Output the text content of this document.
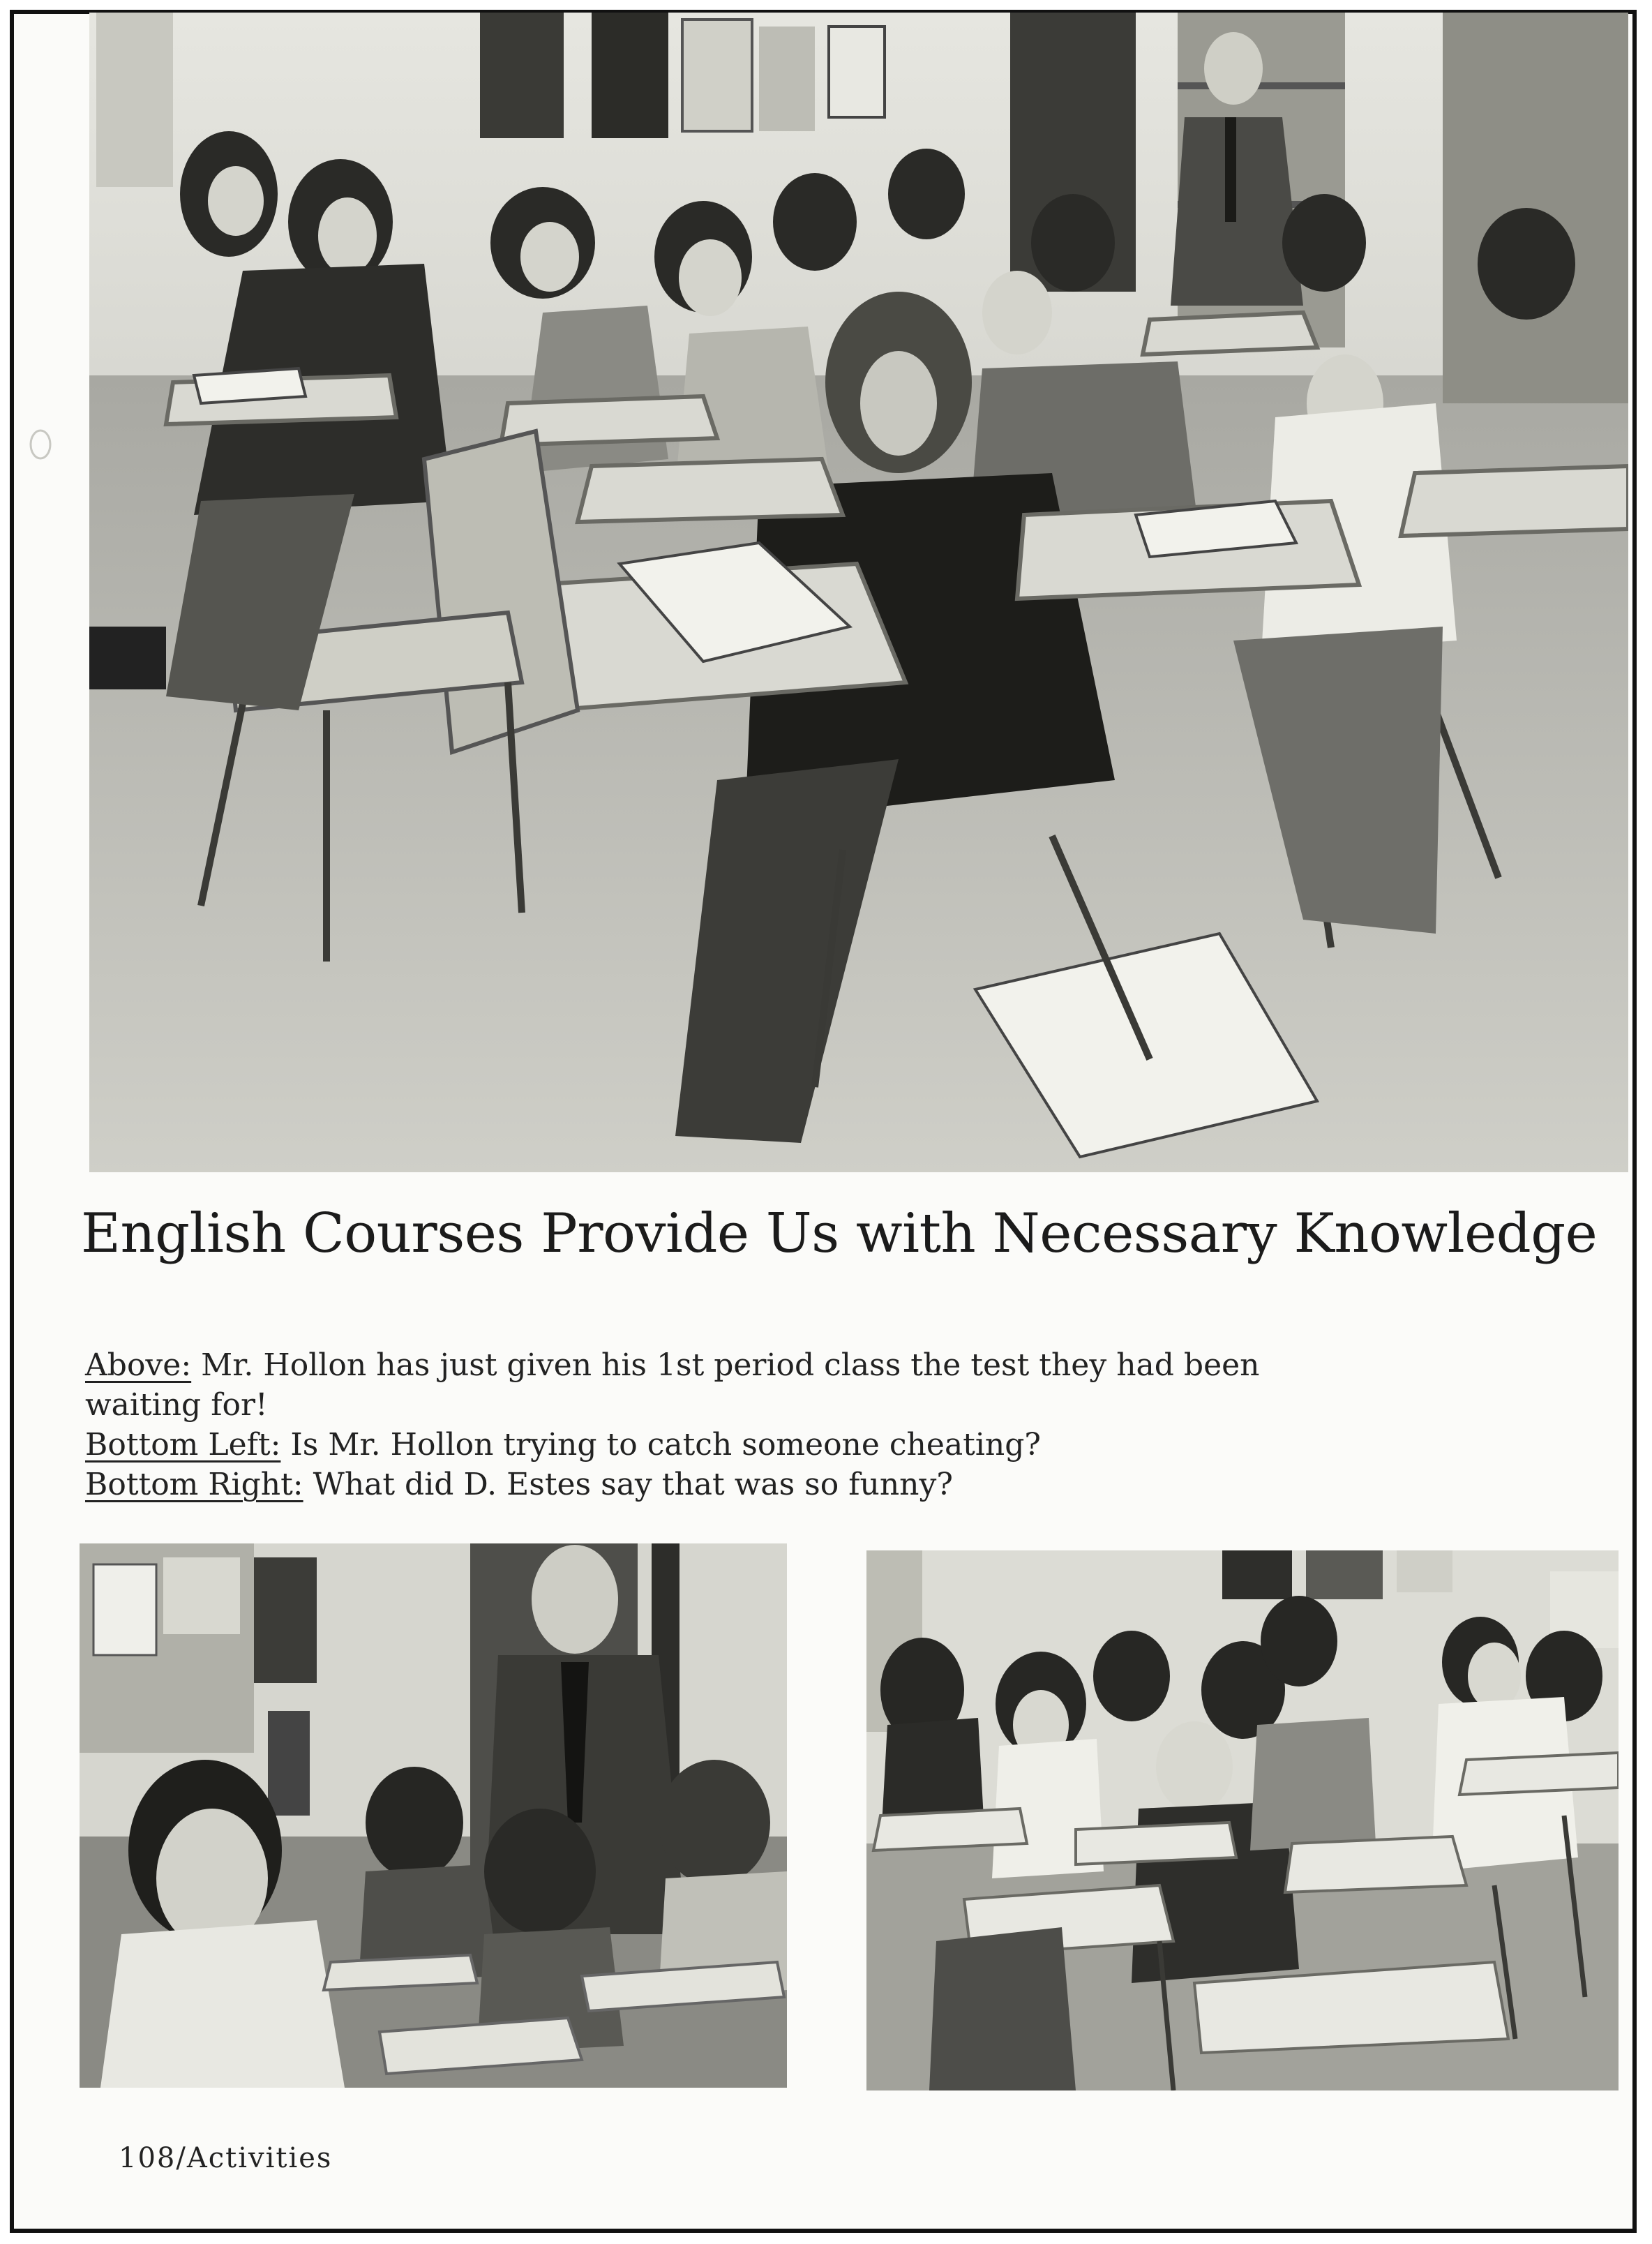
English Courses Provide Us with Necessary Knowledge
Above: Mr. Hollon has just given his 1st period class the test they had been
waiting for!
Bottom Left: Is Mr. Hollon trying to catch someone cheating?
Bottom Right: What did D. Estes say that was so funny?
108/Activities
